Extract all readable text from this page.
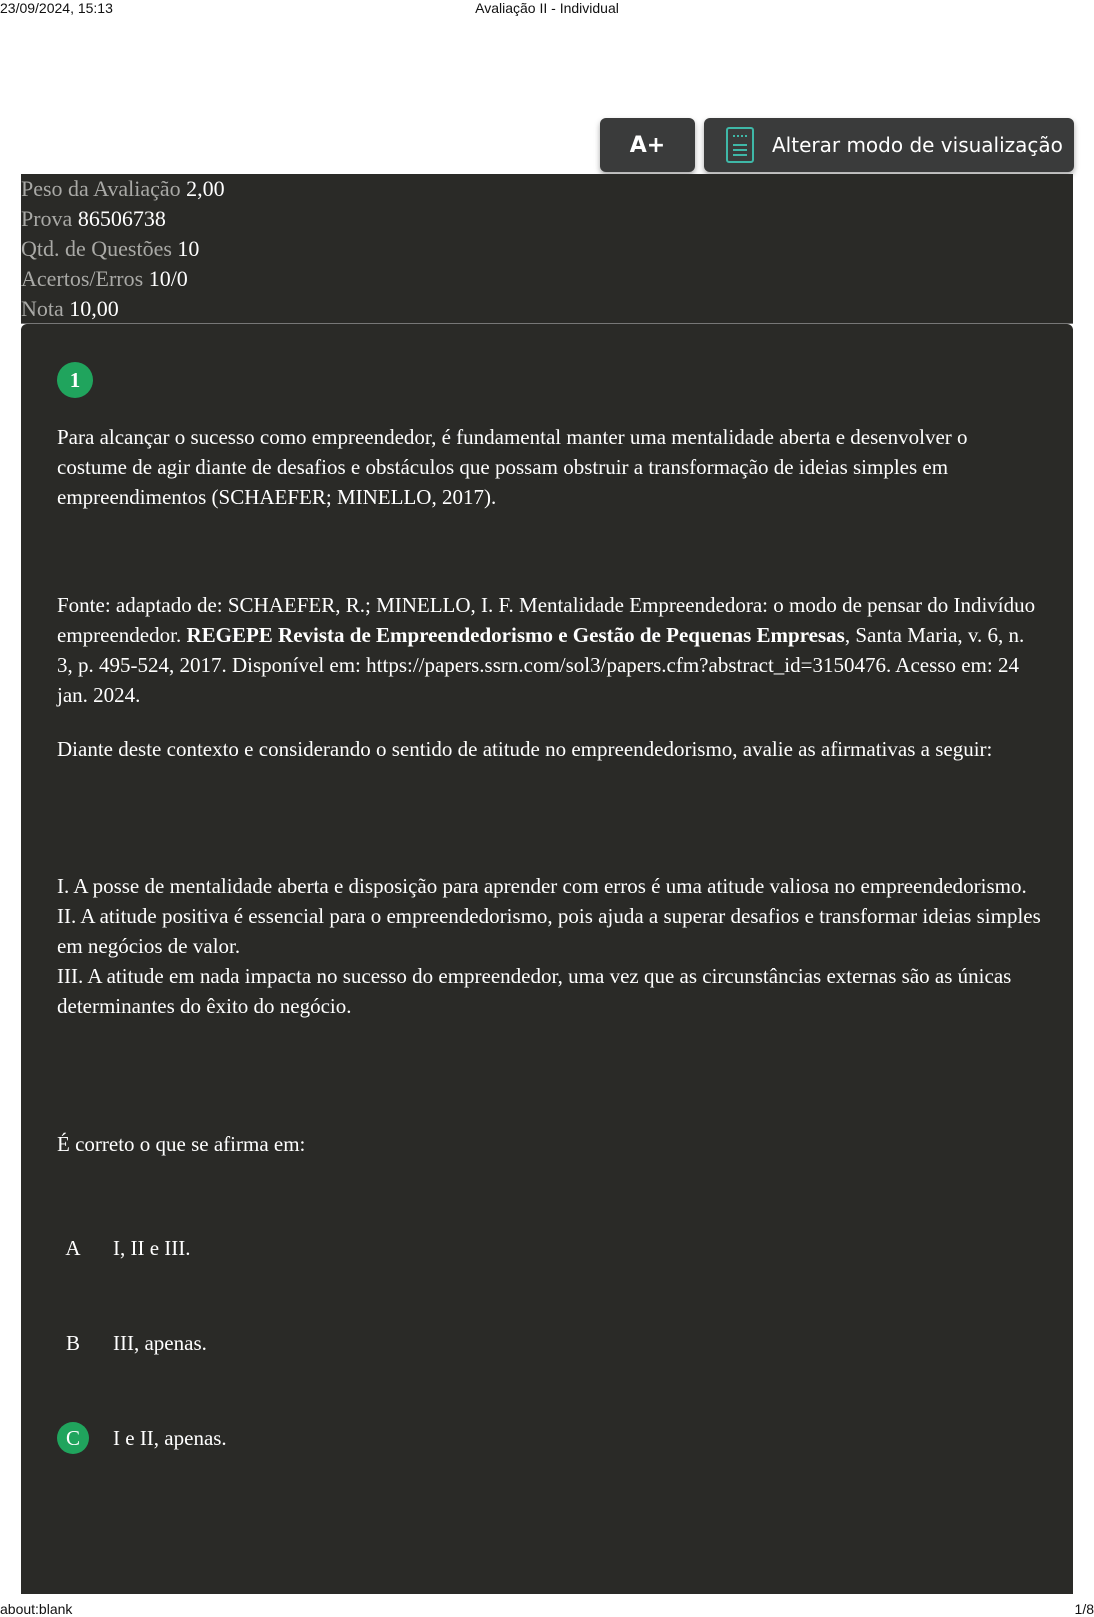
23/09/2024, 15:13	Avaliação II - Individual
A+	Alterar modo de visualização
Peso da Avaliação 2,00
Prova 86506738
Qtd. de Questões 10
Acertos/Erros 10/0
Nota 10,00
1

Para alcançar o sucesso como empreendedor, é fundamental manter uma mentalidade aberta e desenvolver o costume de agir diante de desafios e obstáculos que possam obstruir a transformação de ideias simples em empreendimentos (SCHAEFER; MINELLO, 2017).

Fonte: adaptado de: SCHAEFER, R.; MINELLO, I. F. Mentalidade Empreendedora: o modo de pensar do Indivíduo empreendedor. REGEPE Revista de Empreendedorismo e Gestão de Pequenas Empresas, Santa Maria, v. 6, n. 3, p. 495-524, 2017. Disponível em: https://papers.ssrn.com/sol3/papers.cfm?abstract_id=3150476. Acesso em: 24 jan. 2024.

Diante deste contexto e considerando o sentido de atitude no empreendedorismo, avalie as afirmativas a seguir:

I. A posse de mentalidade aberta e disposição para aprender com erros é uma atitude valiosa no empreendedorismo.
II. A atitude positiva é essencial para o empreendedorismo, pois ajuda a superar desafios e transformar ideias simples em negócios de valor.
III. A atitude em nada impacta no sucesso do empreendedor, uma vez que as circunstâncias externas são as únicas determinantes do êxito do negócio.

É correto o que se afirma em:

A	I, II e III.
B	III, apenas.
C	I e II, apenas.
about:blank	1/8
